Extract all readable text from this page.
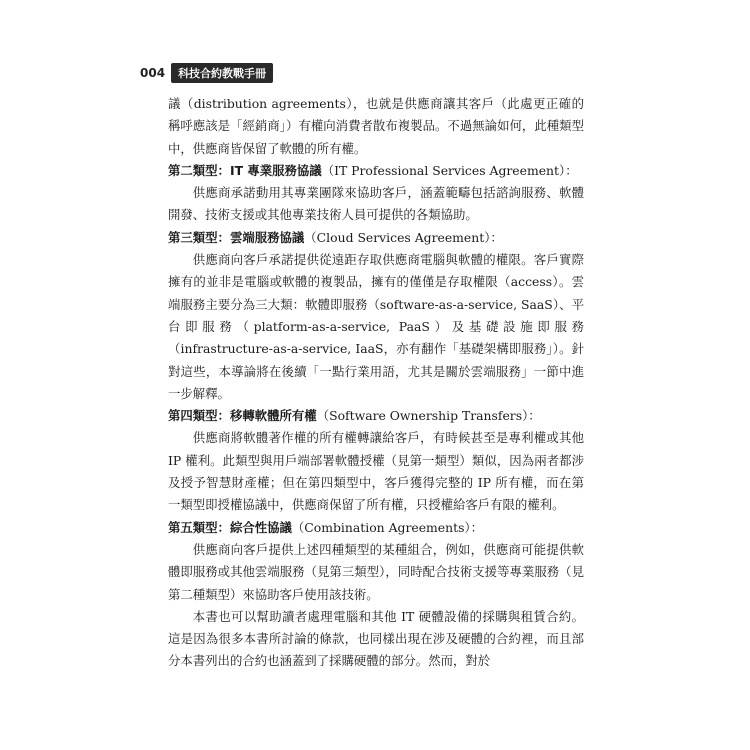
004	科技合約教戰手冊

議（distribution agreements），也就是供應商讓其客戶（此處更正確的稱呼應該是「經銷商」）有權向消費者散布複製品。不過無論如何，此種類型中，供應商皆保留了軟體的所有權。

第二類型：IT 專業服務協議（IT Professional Services Agreement）：

供應商承諾動用其專業團隊來協助客戶，涵蓋範疇包括諮詢服務、軟體開發、技術支援或其他專業技術人員可提供的各類協助。

第三類型：雲端服務協議（Cloud Services Agreement）：

供應商向客戶承諾提供從遠距存取供應商電腦與軟體的權限。客戶實際擁有的並非是電腦或軟體的複製品，擁有的僅僅是存取權限（access）。雲端服務主要分為三大類：軟體即服務（software-as-a-service, SaaS）、平台即服務（platform-as-a-service, PaaS）及基礎設施即服務（infrastructure-as-a-service, IaaS，亦有翻作「基礎架構即服務」）。針對這些，本導論將在後續「一點行業用語，尤其是關於雲端服務」一節中進一步解釋。

第四類型：移轉軟體所有權（Software Ownership Transfers）：

供應商將軟體著作權的所有權轉讓給客戶，有時候甚至是專利權或其他 IP 權利。此類型與用戶端部署軟體授權（見第一類型）類似，因為兩者都涉及授予智慧財產權；但在第四類型中，客戶獲得完整的 IP 所有權，而在第一類型即授權協議中，供應商保留了所有權，只授權給客戶有限的權利。

第五類型：綜合性協議（Combination Agreements）：

供應商向客戶提供上述四種類型的某種組合，例如，供應商可能提供軟體即服務或其他雲端服務（見第三類型），同時配合技術支援等專業服務（見第二種類型）來協助客戶使用該技術。

本書也可以幫助讀者處理電腦和其他 IT 硬體設備的採購與租賃合約。這是因為很多本書所討論的條款，也同樣出現在涉及硬體的合約裡，而且部分本書列出的合約也涵蓋到了採購硬體的部分。然而，對於
